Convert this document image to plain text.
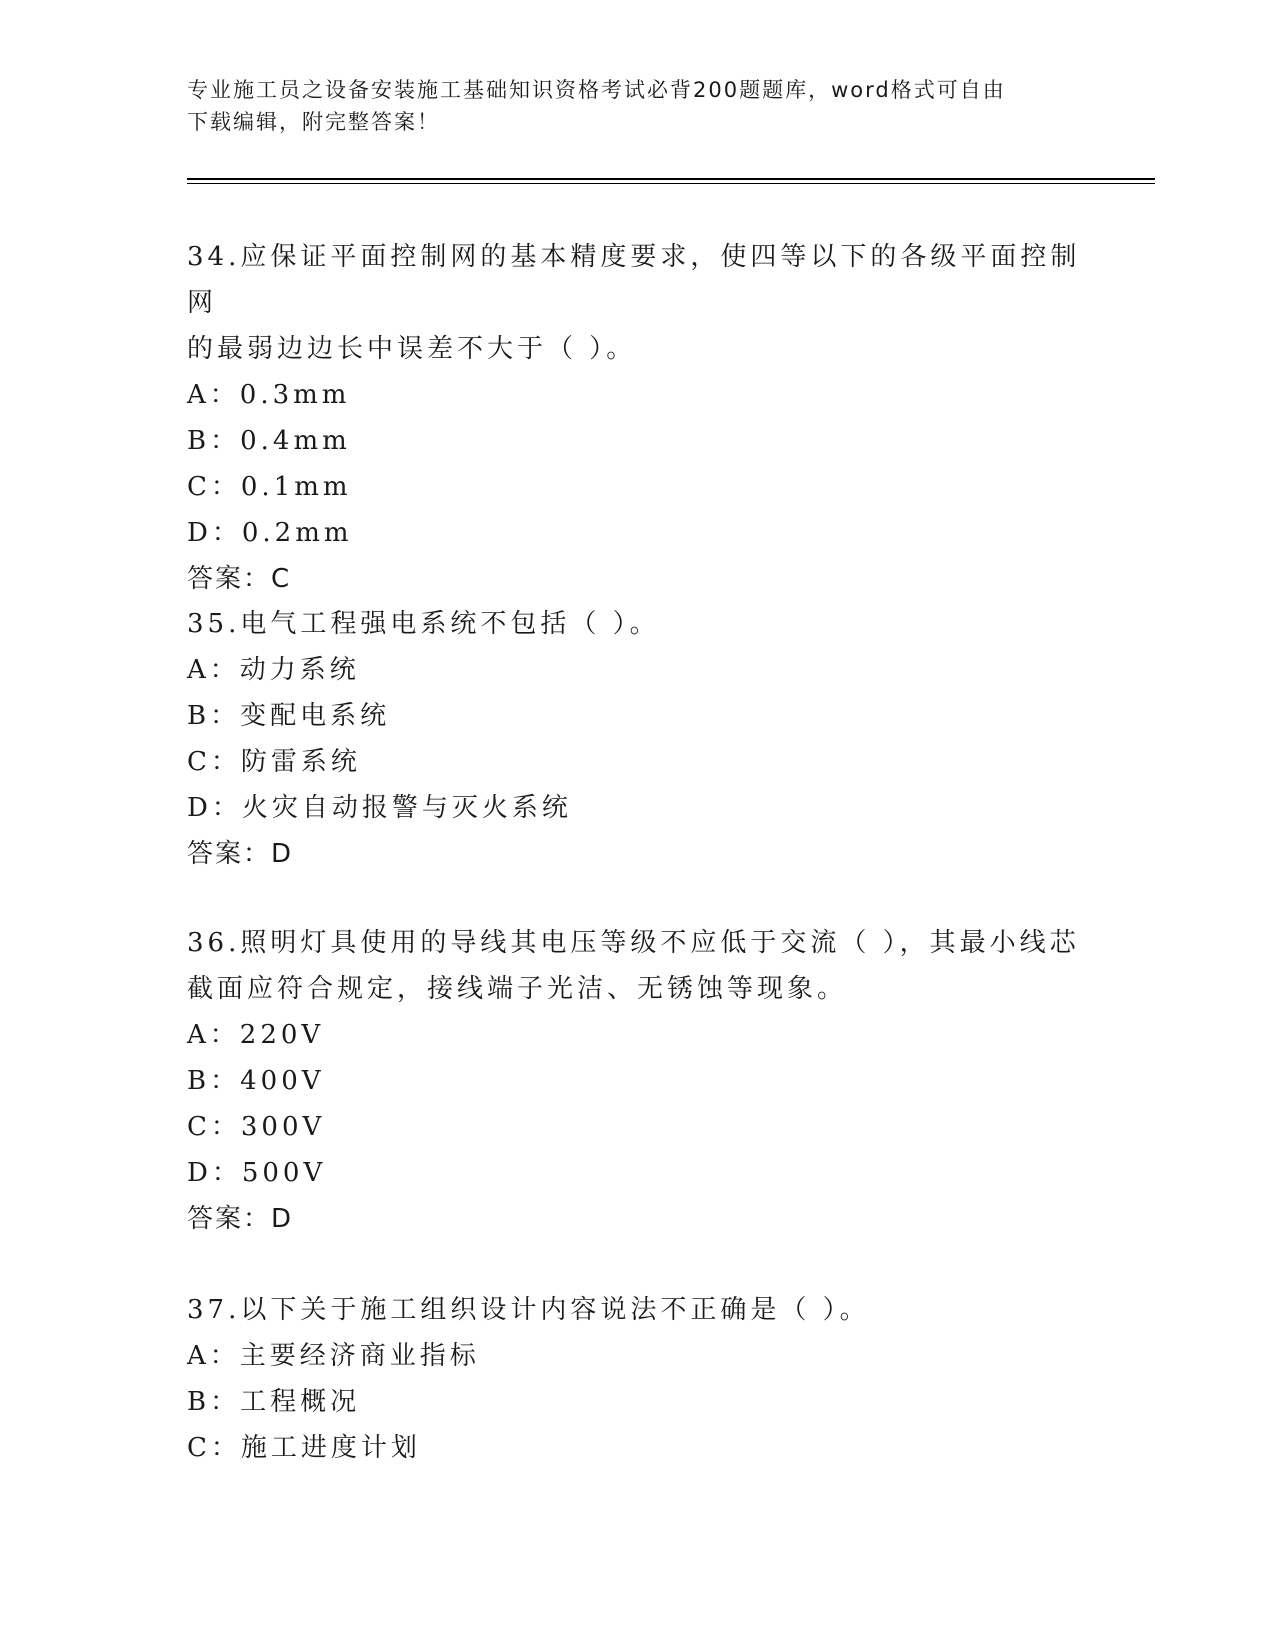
专业施工员之设备安装施工基础知识资格考试必背200题题库，word格式可自由
下载编辑，附完整答案！
34.应保证平面控制网的基本精度要求，使四等以下的各级平面控制网
的最弱边边长中误差不大于（ ）。
A：0.3mm
B：0.4mm
C：0.1mm
D：0.2mm
答案：C
35.电气工程强电系统不包括（ ）。
A：动力系统
B：变配电系统
C：防雷系统
D：火灾自动报警与灭火系统
答案：D
36.照明灯具使用的导线其电压等级不应低于交流（ ），其最小线芯
截面应符合规定，接线端子光洁、无锈蚀等现象。
A：220V
B：400V
C：300V
D：500V
答案：D
37.以下关于施工组织设计内容说法不正确是（ ）。
A：主要经济商业指标
B：工程概况
C：施工进度计划
